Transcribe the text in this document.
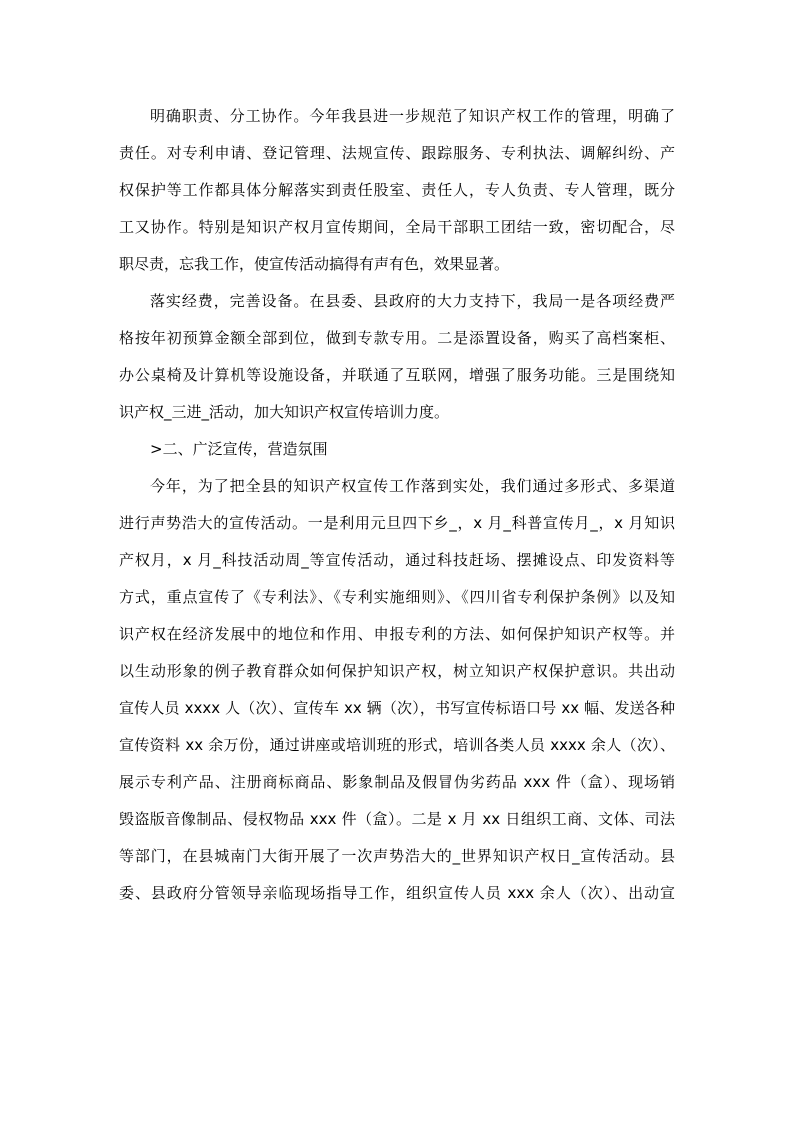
明确职责、分工协作。今年我县进一步规范了知识产权工作的管理，明确了
责任。对专利申请、登记管理、法规宣传、跟踪服务、专利执法、调解纠纷、产
权保护等工作都具体分解落实到责任股室、责任人，专人负责、专人管理，既分
工又协作。特别是知识产权月宣传期间，全局干部职工团结一致，密切配合，尽
职尽责，忘我工作，使宣传活动搞得有声有色，效果显著。
落实经费，完善设备。在县委、县政府的大力支持下，我局一是各项经费严
格按年初预算金额全部到位，做到专款专用。二是添置设备，购买了高档案柜、
办公桌椅及计算机等设施设备，并联通了互联网，增强了服务功能。三是围绕知
识产权_三进_活动，加大知识产权宣传培训力度。
>二、广泛宣传，营造氛围
今年，为了把全县的知识产权宣传工作落到实处，我们通过多形式、多渠道
进行声势浩大的宣传活动。一是利用元旦四下乡_，x 月_科普宣传月_，x 月知识
产权月，x 月_科技活动周_等宣传活动，通过科技赶场、摆摊设点、印发资料等
方式，重点宣传了《专利法》、《专利实施细则》、《四川省专利保护条例》以及知
识产权在经济发展中的地位和作用、申报专利的方法、如何保护知识产权等。并
以生动形象的例子教育群众如何保护知识产权，树立知识产权保护意识。共出动
宣传人员 xxxx 人（次）、宣传车 xx 辆（次），书写宣传标语口号 xx 幅、发送各种
宣传资料 xx 余万份，通过讲座或培训班的形式，培训各类人员 xxxx 余人（次）、
展示专利产品、注册商标商品、影象制品及假冒伪劣药品 xxx 件（盒）、现场销
毁盗版音像制品、侵权物品 xxx 件（盒）。二是 x 月 xx 日组织工商、文体、司法
等部门，在县城南门大街开展了一次声势浩大的_世界知识产权日_宣传活动。县
委、县政府分管领导亲临现场指导工作，组织宣传人员 xxx 余人（次）、出动宣
